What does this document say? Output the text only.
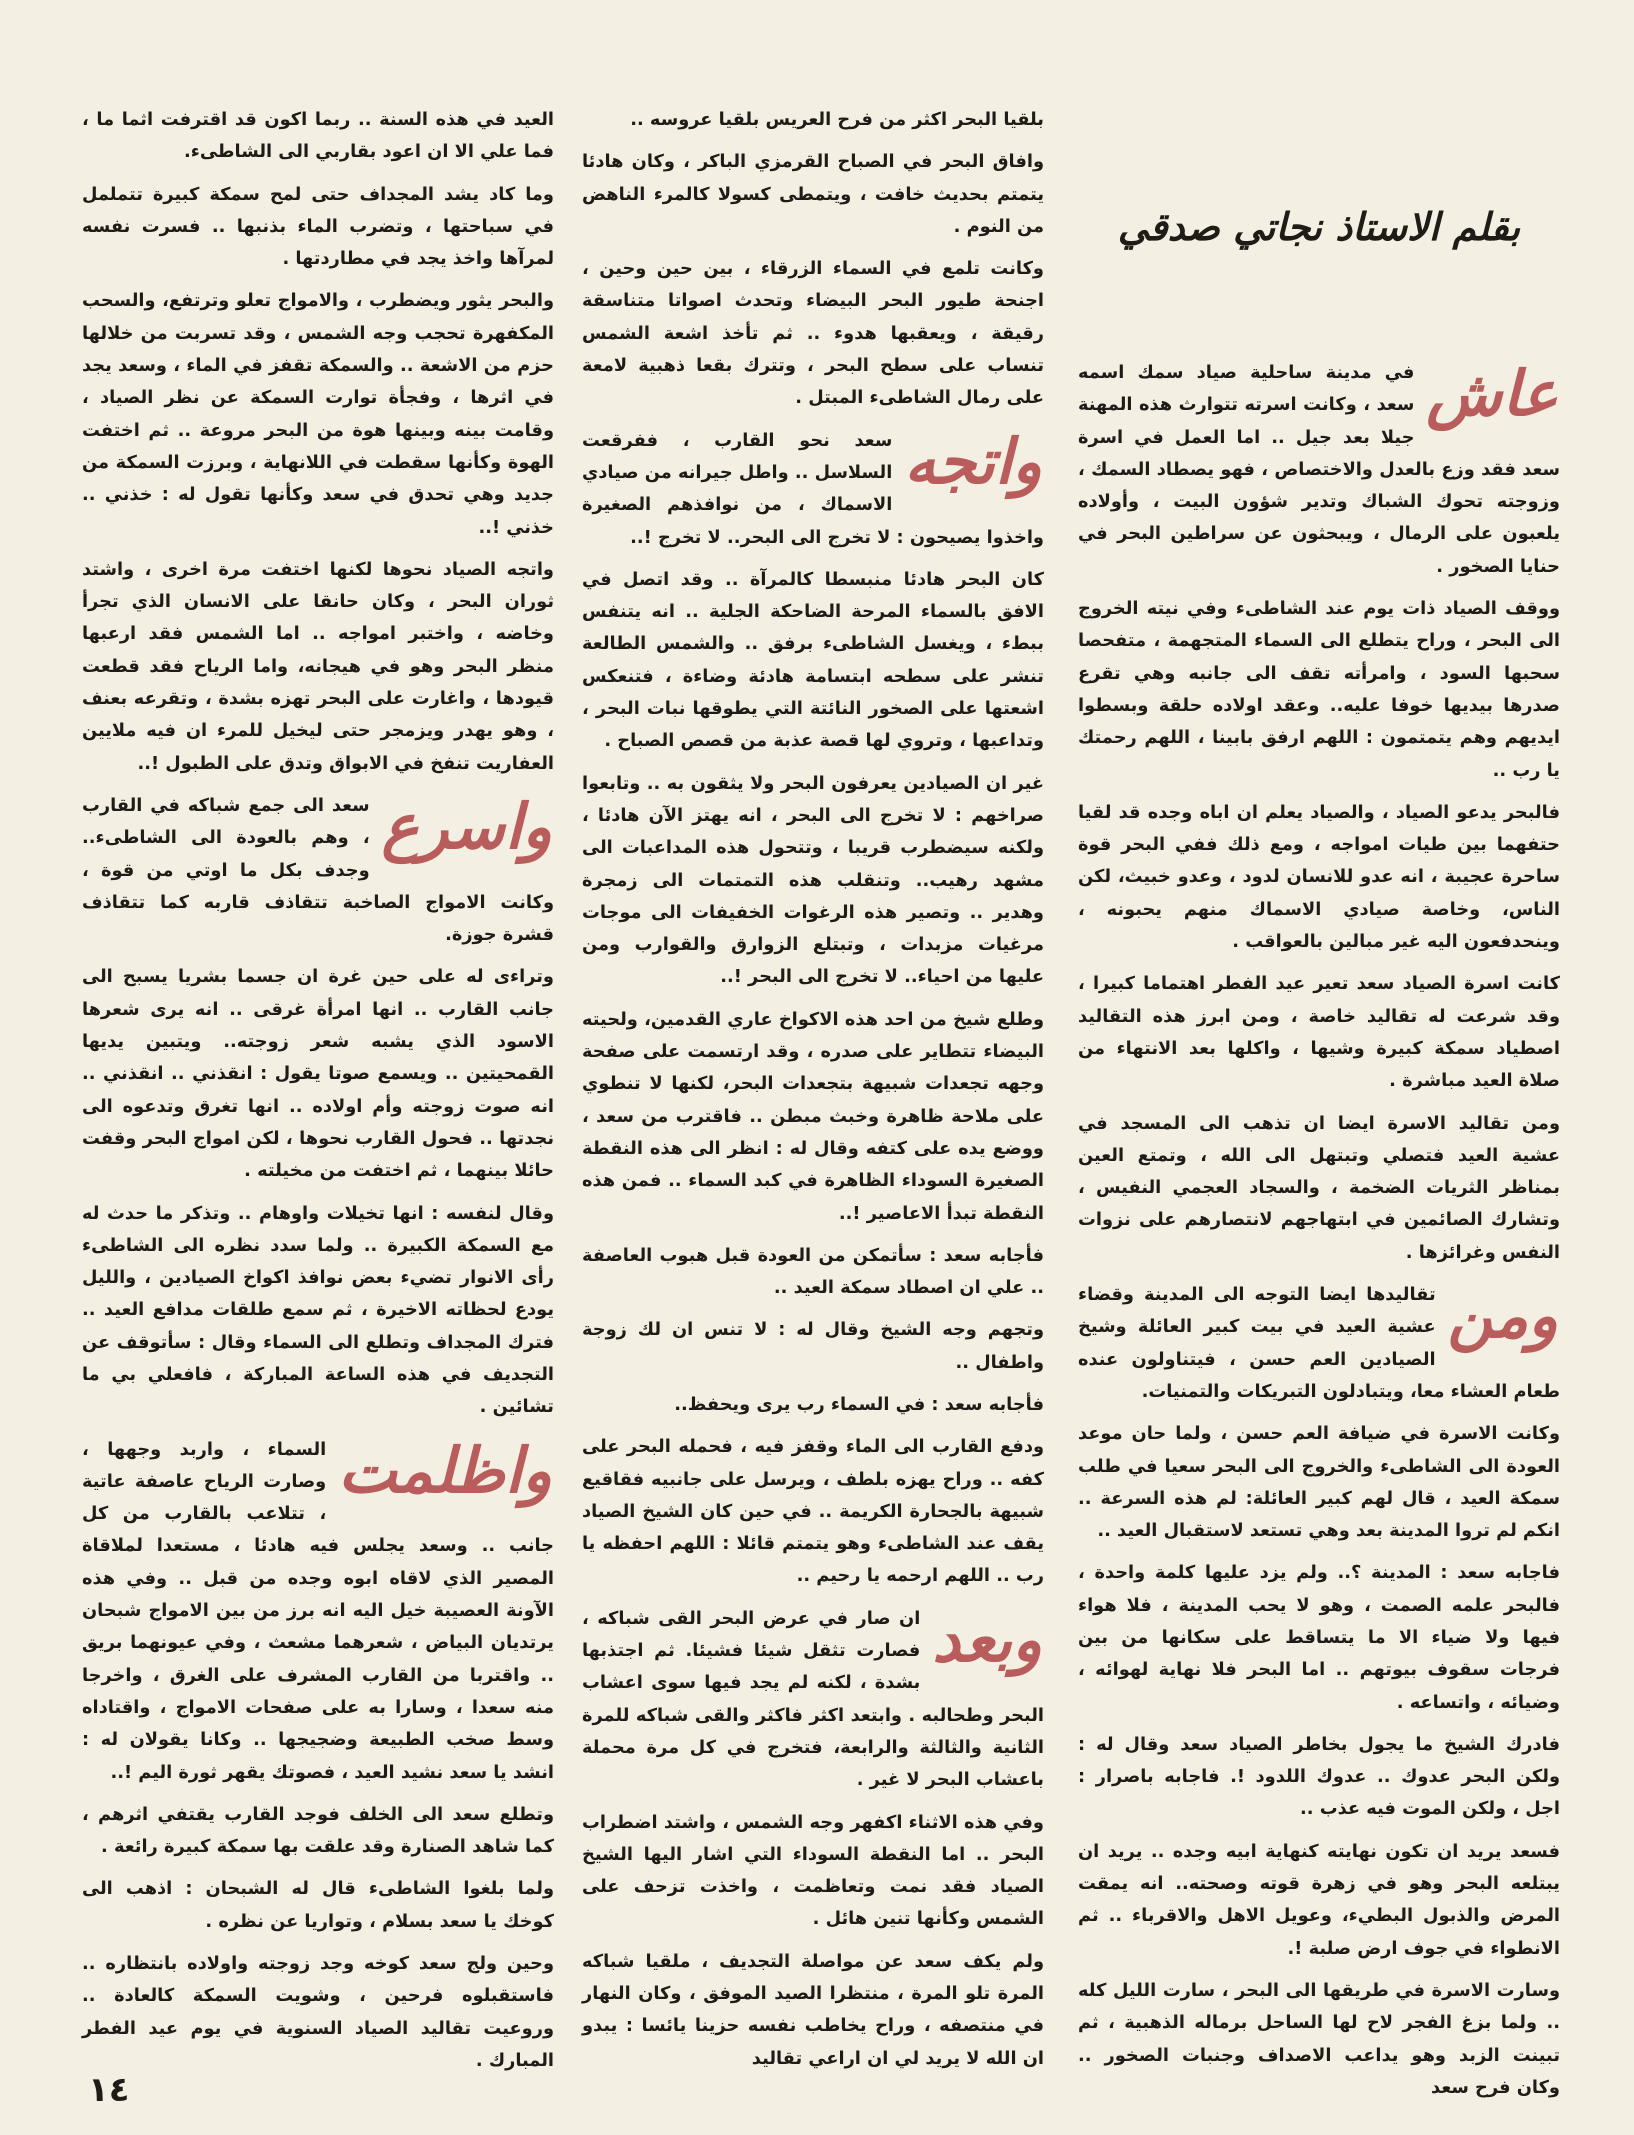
بقلم الاستاذ نجاتي صدقي

عاش
في مدينة ساحلية صياد سمك اسمه سعد ، وكانت اسرته تتوارث هذه المهنة جيلا بعد جيل .. اما العمل في اسرة سعد فقد وزع بالعدل والاختصاص ، فهو يصطاد السمك ، وزوجته تحوك الشباك وتدير شؤون البيت ، وأولاده يلعبون على الرمال ، ويبحثون عن سراطين البحر في حنايا الصخور .

ووقف الصياد ذات يوم عند الشاطىء وفي نيته الخروج الى البحر ، وراح يتطلع الى السماء المتجهمة ، متفحصا سحبها السود ، وامرأته تقف الى جانبه وهي تقرع صدرها بيديها خوفا عليه.. وعقد اولاده حلقة وبسطوا ايديهم وهم يتمتمون : اللهم ارفق بابينا ، اللهم رحمتك يا رب ..

فالبحر يدعو الصياد ، والصياد يعلم ان اباه وجده قد لقيا حتفهما بين طيات امواجه ، ومع ذلك ففي البحر قوة ساحرة عجيبة ، انه عدو للانسان لدود ، وعدو خبيث، لكن الناس، وخاصة صيادي الاسماك منهم يحبونه ، وينحدفعون اليه غير مبالين بالعواقب .

كانت اسرة الصياد سعد تعير عيد الفطر اهتماما كبيرا ، وقد شرعت له تقاليد خاصة ، ومن ابرز هذه التقاليد اصطياد سمكة كبيرة وشيها ، واكلها بعد الانتهاء من صلاة العيد مباشرة .

ومن تقاليد الاسرة ايضا ان تذهب الى المسجد في عشية العيد فتصلي وتبتهل الى الله ، وتمتع العين بمناظر الثريات الضخمة ، والسجاد العجمي النفيس ، وتشارك الصائمين في ابتهاجهم لانتصارهم على نزوات النفس وغرائزها .

ومن
تقاليدها ايضا التوجه الى المدينة وقضاء عشية العيد في بيت كبير العائلة وشيخ الصيادين العم حسن ، فيتناولون عنده طعام العشاء معا، ويتبادلون التبريكات والتمنيات.

وكانت الاسرة في ضيافة العم حسن ، ولما حان موعد العودة الى الشاطىء والخروج الى البحر سعيا في طلب سمكة العيد ، قال لهم كبير العائلة: لم هذه السرعة .. انكم لم تروا المدينة بعد وهي تستعد لاستقبال العيد ..

فاجابه سعد : المدينة ؟.. ولم يزد عليها كلمة واحدة ، فالبحر علمه الصمت ، وهو لا يحب المدينة ، فلا هواء فيها ولا ضياء الا ما يتساقط على سكانها من بين فرجات سقوف بيوتهم .. اما البحر فلا نهاية لهوائه ، وضيائه ، واتساعه .

فادرك الشيخ ما يجول بخاطر الصياد سعد وقال له : ولكن البحر عدوك .. عدوك اللدود !. فاجابه باصرار : اجل ، ولكن الموت فيه عذب ..

فسعد يريد ان تكون نهايته كنهاية ابيه وجده .. يريد ان يبتلعه البحر وهو في زهرة قوته وصحته.. انه يمقت المرض والذبول البطيء، وعويل الاهل والاقرباء .. ثم الانطواء في جوف ارض صلبة !.

وسارت الاسرة في طريقها الى البحر ، سارت الليل كله .. ولما بزغ الفجر لاح لها الساحل برماله الذهبية ، ثم تبينت الزبد وهو يداعب الاصداف وجنبات الصخور .. وكان فرح سعد

بلقيا البحر اكثر من فرح العريس بلقيا عروسه ..

وافاق البحر في الصباح القرمزي الباكر ، وكان هادئا يتمتم بحديث خافت ، ويتمطى كسولا كالمرء الناهض من النوم .

وكانت تلمع في السماء الزرقاء ، بين حين وحين ، اجنحة طيور البحر البيضاء وتحدث اصواتا متناسقة رقيقة ، ويعقبها هدوء .. ثم تأخذ اشعة الشمس تنساب على سطح البحر ، وتترك بقعا ذهبية لامعة على رمال الشاطىء المبتل .

واتجه
سعد نحو القارب ، ففرقعت السلاسل .. واطل جيرانه من صيادي الاسماك ، من نوافذهم الصغيرة واخذوا يصيحون : لا تخرج الى البحر.. لا تخرج !..

كان البحر هادئا منبسطا كالمرآة .. وقد اتصل في الافق بالسماء المرحة الضاحكة الجلية .. انه يتنفس ببطء ، ويغسل الشاطىء برفق .. والشمس الطالعة تنشر على سطحه ابتسامة هادئة وضاءة ، فتنعكس اشعتها على الصخور النائتة التي يطوقها نبات البحر ، وتداعبها ، وتروي لها قصة عذبة من قصص الصباح .

غير ان الصيادين يعرفون البحر ولا يثقون به .. وتابعوا صراخهم : لا تخرج الى البحر ، انه يهتز الآن هادئا ، ولكنه سيضطرب قريبا ، وتتحول هذه المداعبات الى مشهد رهيب.. وتنقلب هذه التمتمات الى زمجرة وهدير .. وتصير هذه الرغوات الخفيفات الى موجات مرغيات مزبدات ، وتبتلع الزوارق والقوارب ومن عليها من احياء.. لا تخرج الى البحر !..

وطلع شيخ من احد هذه الاكواخ عاري القدمين، ولحيته البيضاء تتطاير على صدره ، وقد ارتسمت على صفحة وجهه تجعدات شبيهة بتجعدات البحر، لكنها لا تنطوي على ملاحة ظاهرة وخبث مبطن .. فاقترب من سعد ، ووضع يده على كتفه وقال له : انظر الى هذه النقطة الصغيرة السوداء الظاهرة في كبد السماء .. فمن هذه النقطة تبدأ الاعاصير !..

فأجابه سعد : سأتمكن من العودة قبل هبوب العاصفة .. علي ان اصطاد سمكة العيد ..

وتجهم وجه الشيخ وقال له : لا تنس ان لك زوجة واطفال ..

فأجابه سعد : في السماء رب يرى ويحفظ..

ودفع القارب الى الماء وقفز فيه ، فحمله البحر على كفه .. وراح يهزه بلطف ، ويرسل على جانبيه فقاقيع شبيهة بالجحارة الكريمة .. في حين كان الشيخ الصياد يقف عند الشاطىء وهو يتمتم قائلا : اللهم احفظه يا رب .. اللهم ارحمه يا رحيم ..

وبعد
ان صار في عرض البحر القى شباكه ، فصارت تثقل شيئا فشيئا. ثم اجتذبها بشدة ، لكنه لم يجد فيها سوى اعشاب البحر وطحالبه . وابتعد اكثر فاكثر والقى شباكه للمرة الثانية والثالثة والرابعة، فتخرج في كل مرة محملة باعشاب البحر لا غير .

وفي هذه الاثناء اكفهر وجه الشمس ، واشتد اضطراب البحر .. اما النقطة السوداء التي اشار اليها الشيخ الصياد فقد نمت وتعاظمت ، واخذت تزحف على الشمس وكأنها تنين هائل .

ولم يكف سعد عن مواصلة التجديف ، ملقيا شباكه المرة تلو المرة ، منتظرا الصيد الموفق ، وكان النهار في منتصفه ، وراح يخاطب نفسه حزينا يائسا : يبدو ان الله لا يريد لي ان اراعي تقاليد

العيد في هذه السنة .. ربما اكون قد اقترفت اثما ما ، فما علي الا ان اعود بقاربي الى الشاطىء.

وما كاد يشد المجداف حتى لمح سمكة كبيرة تتململ في سباحتها ، وتضرب الماء بذنبها .. فسرت نفسه لمرآها واخذ يجد في مطاردتها .

والبحر يثور ويضطرب ، والامواج تعلو وترتفع، والسحب المكفهرة تحجب وجه الشمس ، وقد تسربت من خلالها حزم من الاشعة .. والسمكة تقفز في الماء ، وسعد يجد في اثرها ، وفجأة توارت السمكة عن نظر الصياد ، وقامت بينه وبينها هوة من البحر مروعة .. ثم اختفت الهوة وكأنها سقطت في اللانهاية ، وبرزت السمكة من جديد وهي تحدق في سعد وكأنها تقول له : خذني .. خذني !..

واتجه الصياد نحوها لكنها اختفت مرة اخرى ، واشتد ثوران البحر ، وكان حانقا على الانسان الذي تجرأ وخاضه ، واختبر امواجه .. اما الشمس فقد ارعبها منظر البحر وهو في هيجانه، واما الرياح فقد قطعت قيودها ، واغارت على البحر تهزه بشدة ، وتقرعه بعنف ، وهو يهدر ويزمجر حتى ليخيل للمرء ان فيه ملايين العفاريت تنفخ في الابواق وتدق على الطبول !..

واسرع
سعد الى جمع شباكه في القارب ، وهم بالعودة الى الشاطىء.. وجدف بكل ما اوتي من قوة ، وكانت الامواج الصاخبة تتقاذف قاربه كما تتقاذف قشرة جوزة.

وتراءى له على حين غرة ان جسما بشريا يسبح الى جانب القارب .. انها امرأة غرقى .. انه يرى شعرها الاسود الذي يشبه شعر زوجته.. ويتبين يديها القمحيتين .. ويسمع صوتا يقول : انقذني .. انقذني .. انه صوت زوجته وأم اولاده .. انها تغرق وتدعوه الى نجدتها .. فحول القارب نحوها ، لكن امواج البحر وقفت حائلا بينهما ، ثم اختفت من مخيلته .

وقال لنفسه : انها تخيلات واوهام .. وتذكر ما حدث له مع السمكة الكبيرة .. ولما سدد نظره الى الشاطىء رأى الانوار تضيء بعض نوافذ اكواخ الصيادين ، والليل يودع لحظاته الاخيرة ، ثم سمع طلقات مدافع العيد .. فترك المجداف وتطلع الى السماء وقال : سأتوقف عن التجديف في هذه الساعة المباركة ، فافعلي بي ما تشائين .

واظلمت
السماء ، واربد وجهها ، وصارت الرياح عاصفة عاتية ، تتلاعب بالقارب من كل جانب .. وسعد يجلس فيه هادئا ، مستعدا لملاقاة المصير الذي لاقاه ابوه وجده من قبل .. وفي هذه الآونة العصيبة خيل اليه انه برز من بين الامواج شبحان يرتديان البياض ، شعرهما مشعث ، وفي عيونهما بريق .. واقتربا من القارب المشرف على الغرق ، واخرجا منه سعدا ، وسارا به على صفحات الامواج ، واقتاداه وسط صخب الطبيعة وضجيجها .. وكانا يقولان له : انشد يا سعد نشيد العيد ، فصوتك يقهر ثورة اليم !..

وتطلع سعد الى الخلف فوجد القارب يقتفي اثرهم ، كما شاهد الصنارة وقد علقت بها سمكة كبيرة رائعة .

ولما بلغوا الشاطىء قال له الشبحان : اذهب الى كوخك يا سعد بسلام ، وتواريا عن نظره .

وحين ولج سعد كوخه وجد زوجته واولاده بانتظاره .. فاستقبلوه فرحين ، وشويت السمكة كالعادة .. وروعيت تقاليد الصياد السنوية في يوم عيد الفطر المبارك .

١٤
